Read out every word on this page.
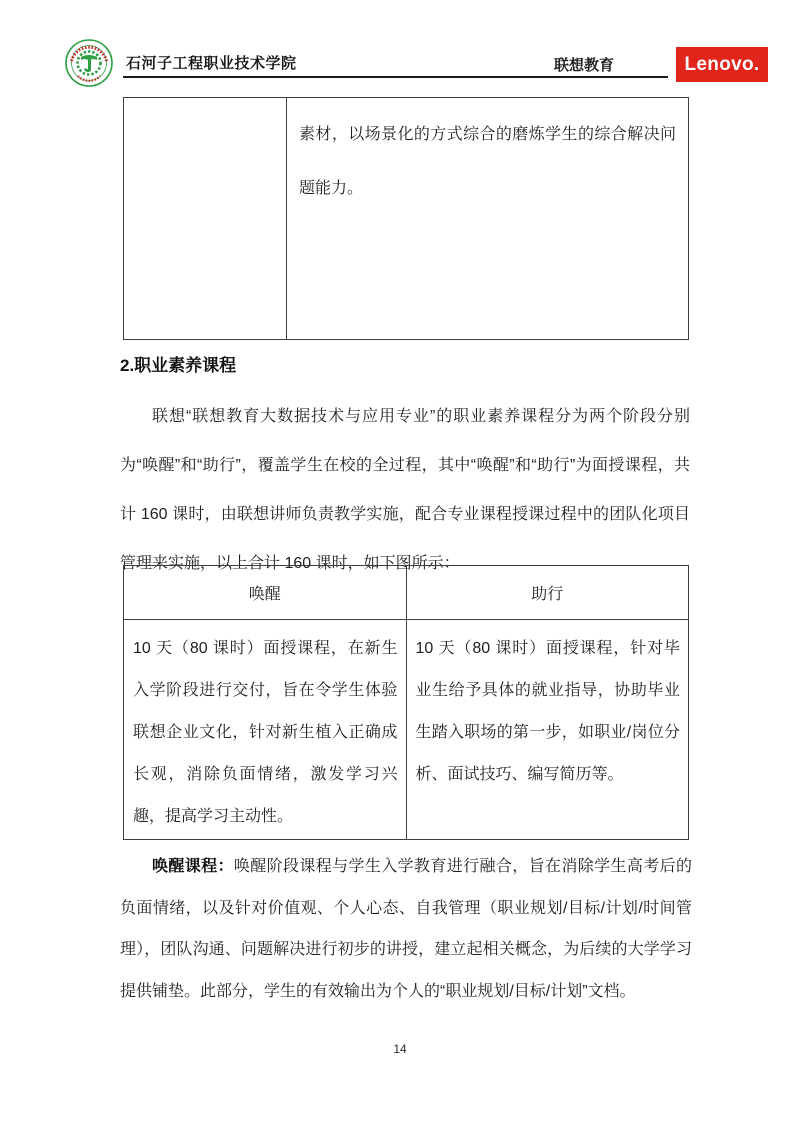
石河子工程职业技术学院	联想教育	Lenovo.
	素材，以场景化的方式综合的磨炼学生的综合解决问题能力。
2.职业素养课程
联想“联想教育大数据技术与应用专业”的职业素养课程分为两个阶段分别为“唤醒”和“助行”，覆盖学生在校的全过程，其中“唤醒”和“助行”为面授课程，共计 160 课时，由联想讲师负责教学实施，配合专业课程授课过程中的团队化项目管理来实施，以上合计 160 课时，如下图所示：
唤醒	助行
10 天（80 课时）面授课程，在新生入学阶段进行交付，旨在令学生体验联想企业文化，针对新生植入正确成长观，消除负面情绪，激发学习兴趣，提高学习主动性。	10 天（80 课时）面授课程，针对毕业生给予具体的就业指导，协助毕业生踏入职场的第一步，如职业/岗位分析、面试技巧、编写简历等。
唤醒课程：唤醒阶段课程与学生入学教育进行融合，旨在消除学生高考后的负面情绪，以及针对价值观、个人心态、自我管理（职业规划/目标/计划/时间管理），团队沟通、问题解决进行初步的讲授，建立起相关概念，为后续的大学学习提供铺垫。此部分，学生的有效输出为个人的“职业规划/目标/计划”文档。
14
